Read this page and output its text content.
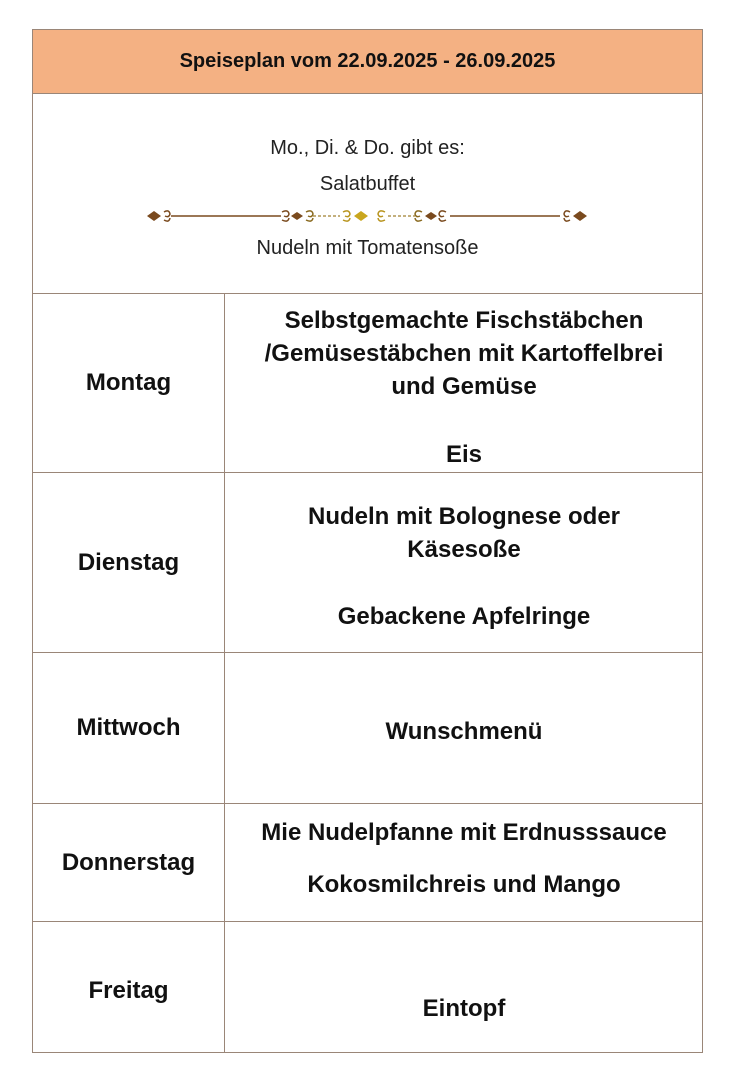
Speiseplan vom 22.09.2025 - 26.09.2025
Mo., Di. & Do. gibt es:
Salatbuffet
Nudeln mit Tomatensoße
Montag
Selbstgemachte Fischstäbchen
/Gemüsestäbchen mit Kartoffelbrei
und Gemüse
Eis
Dienstag
Nudeln mit Bolognese oder
Käsesoße
Gebackene Apfelringe
Mittwoch	Wunschmenü
Donnerstag
Mie Nudelpfanne mit Erdnusssauce
Kokosmilchreis und Mango
Freitag
Eintopf
